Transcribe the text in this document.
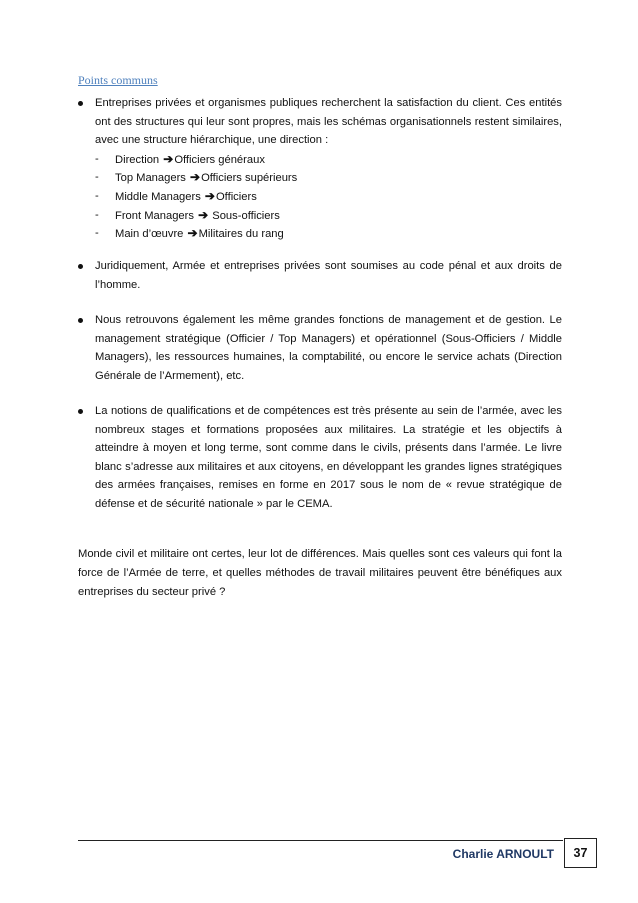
Points communs
Entreprises privées et organismes publiques recherchent la satisfaction du client. Ces entités ont des structures qui leur sont propres, mais les schémas organisationnels restent similaires, avec une structure hiérarchique, une direction :
- Direction ➔Officiers généraux
- Top Managers ➔Officiers supérieurs
- Middle Managers ➔Officiers
- Front Managers ➔ Sous-officiers
- Main d’œuvre ➔Militaires du rang
Juridiquement, Armée et entreprises privées sont soumises au code pénal et aux droits de l’homme.
Nous retrouvons également les même grandes fonctions de management et de gestion. Le management stratégique (Officier / Top Managers) et opérationnel (Sous-Officiers / Middle Managers), les ressources humaines, la comptabilité, ou encore le service achats (Direction Générale de l’Armement), etc.
La notions de qualifications et de compétences est très présente au sein de l’armée, avec les nombreux stages et formations proposées aux militaires. La stratégie et les objectifs à atteindre à moyen et long terme, sont comme dans le civils, présents dans l’armée. Le livre blanc s’adresse aux militaires et aux citoyens, en développant les grandes lignes stratégiques des armées françaises, remises en forme en 2017 sous le nom de « revue stratégique de défense et de sécurité nationale » par le CEMA.
Monde civil et militaire ont certes, leur lot de différences. Mais quelles sont ces valeurs qui font la force de l’Armée de terre, et quelles méthodes de travail militaires peuvent être bénéfiques aux entreprises du secteur privé ?
Charlie ARNOULT 37
